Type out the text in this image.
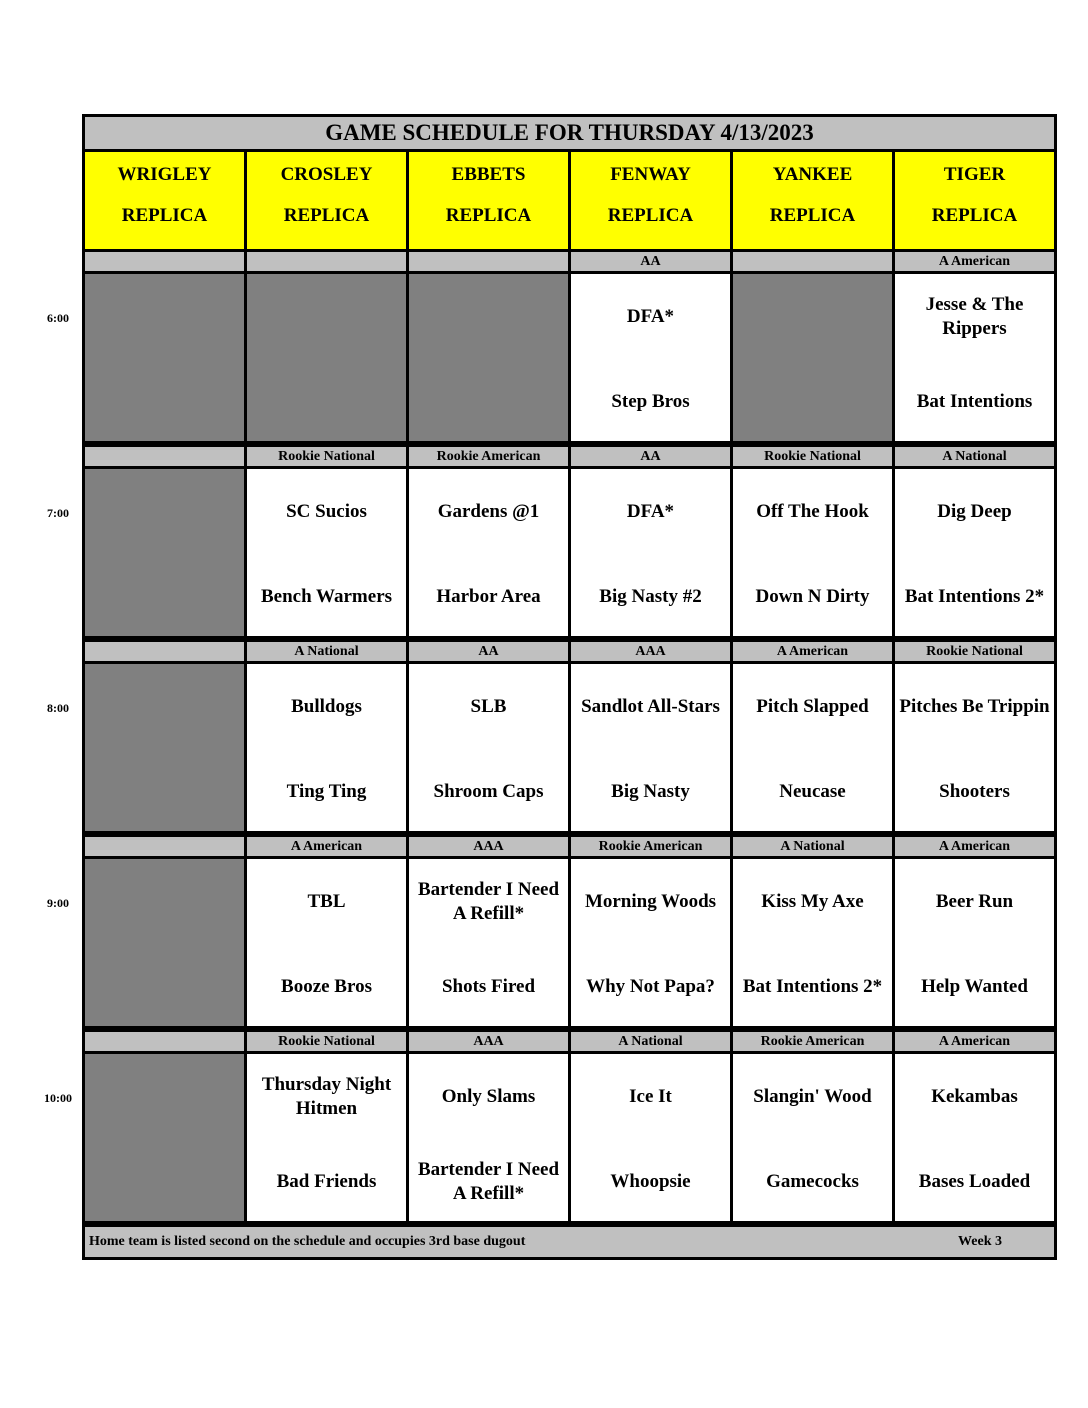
GAME SCHEDULE FOR THURSDAY 4/13/2023
WRIGLEY
REPLICA
CROSLEY
REPLICA
EBBETS
REPLICA
FENWAY
REPLICA
YANKEE
REPLICA
TIGER
REPLICA
6:00
AA
DFA*
Step Bros
A American
Jesse & The Rippers
Bat Intentions
7:00
Rookie National
SC Sucios
Bench Warmers
Rookie American
Gardens @1
Harbor Area
AA
DFA*
Big Nasty #2
Rookie National
Off The Hook
Down N Dirty
A National
Dig Deep
Bat Intentions 2*
8:00
A National
Bulldogs
Ting Ting
AA
SLB
Shroom Caps
AAA
Sandlot All-Stars
Big Nasty
A American
Pitch Slapped
Neucase
Rookie National
Pitches Be Trippin
Shooters
9:00
A American
TBL
Booze Bros
AAA
Bartender I Need A Refill*
Shots Fired
Rookie American
Morning Woods
Why Not Papa?
A National
Kiss My Axe
Bat Intentions 2*
A American
Beer Run
Help Wanted
10:00
Rookie National
Thursday Night Hitmen
Bad Friends
AAA
Only Slams
Bartender I Need A Refill*
A National
Ice It
Whoopsie
Rookie American
Slangin' Wood
Gamecocks
A American
Kekambas
Bases Loaded
Home team is listed second on the schedule and occupies 3rd base dugout	Week 3
